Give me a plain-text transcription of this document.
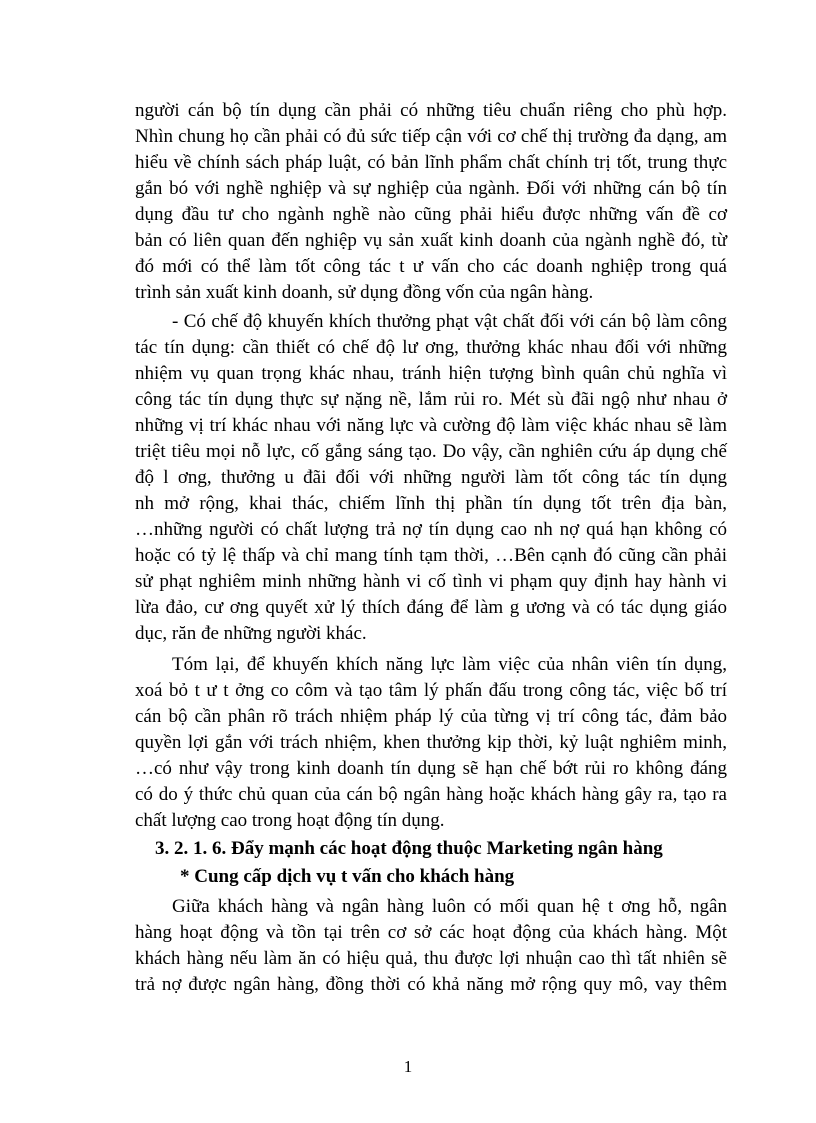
người cán bộ tín dụng cần phải có những tiêu chuẩn riêng cho phù hợp.
Nhìn chung họ cần phải có đủ sức tiếp cận với cơ chế thị trường đa dạng, am
hiểu về chính sách pháp luật, có bản lĩnh phẩm chất chính trị tốt, trung thực
gắn bó với nghề nghiệp và sự nghiệp của ngành. Đối với những cán bộ tín
dụng đầu tư cho ngành nghề nào cũng phải hiểu được những vấn đề cơ
bản có liên quan đến nghiệp vụ sản xuất kinh doanh của ngành nghề đó, từ
đó mới có thể làm tốt công tác t ư vấn cho các doanh nghiệp trong quá
trình sản xuất kinh doanh, sử dụng đồng vốn của ngân hàng.
- Có chế độ khuyến khích thưởng phạt vật chất đối với cán bộ làm công
tác tín dụng: cần thiết có chế độ lư ơng, thưởng khác nhau đối với những
nhiệm vụ quan trọng khác nhau, tránh hiện tượng bình quân chủ nghĩa vì
công tác tín dụng thực sự nặng nề, lắm rủi ro. Mét sù đãi ngộ như nhau ở
những vị trí khác nhau với năng lực và cường độ làm việc khác nhau sẽ làm
triệt tiêu mọi nỗ lực, cố gắng sáng tạo. Do vậy, cần nghiên cứu áp dụng chế
độ l ơng, thưởng u đãi đối với những người làm tốt công tác tín dụng
nh mở rộng, khai thác, chiếm lĩnh thị phần tín dụng tốt trên địa bàn,
…những người có chất lượng trả nợ tín dụng cao nh nợ quá hạn không có
hoặc có tỷ lệ thấp và chỉ mang tính tạm thời, …Bên cạnh đó cũng cần phải
sử phạt nghiêm minh những hành vi cố tình vi phạm quy định hay hành vi
lừa đảo, cư ơng quyết xử lý thích đáng để làm g ương và có tác dụng giáo
dục, răn đe những người khác.
Tóm lại, để khuyến khích năng lực làm việc của nhân viên tín dụng,
xoá bỏ t ư t ởng co côm và tạo tâm lý phấn đấu trong công tác, việc bố trí
cán bộ cần phân rõ trách nhiệm pháp lý của từng vị trí công tác, đảm bảo
quyền lợi gắn với trách nhiệm, khen thưởng kịp thời, kỷ luật nghiêm minh,
…có như vậy trong kinh doanh tín dụng sẽ hạn chế bớt rủi ro không đáng
có do ý thức chủ quan của cán bộ ngân hàng hoặc khách hàng gây ra, tạo ra
chất lượng cao trong hoạt động tín dụng.
3. 2. 1. 6. Đẩy mạnh các hoạt động thuộc Marketing ngân hàng
* Cung cấp dịch vụ t vấn cho khách hàng
Giữa khách hàng và ngân hàng luôn có mối quan hệ t ơng hỗ, ngân
hàng hoạt động và tồn tại trên cơ sở các hoạt động của khách hàng. Một
khách hàng nếu làm ăn có hiệu quả, thu được lợi nhuận cao thì tất nhiên sẽ
trả nợ được ngân hàng, đồng thời có khả năng mở rộng quy mô, vay thêm
1
